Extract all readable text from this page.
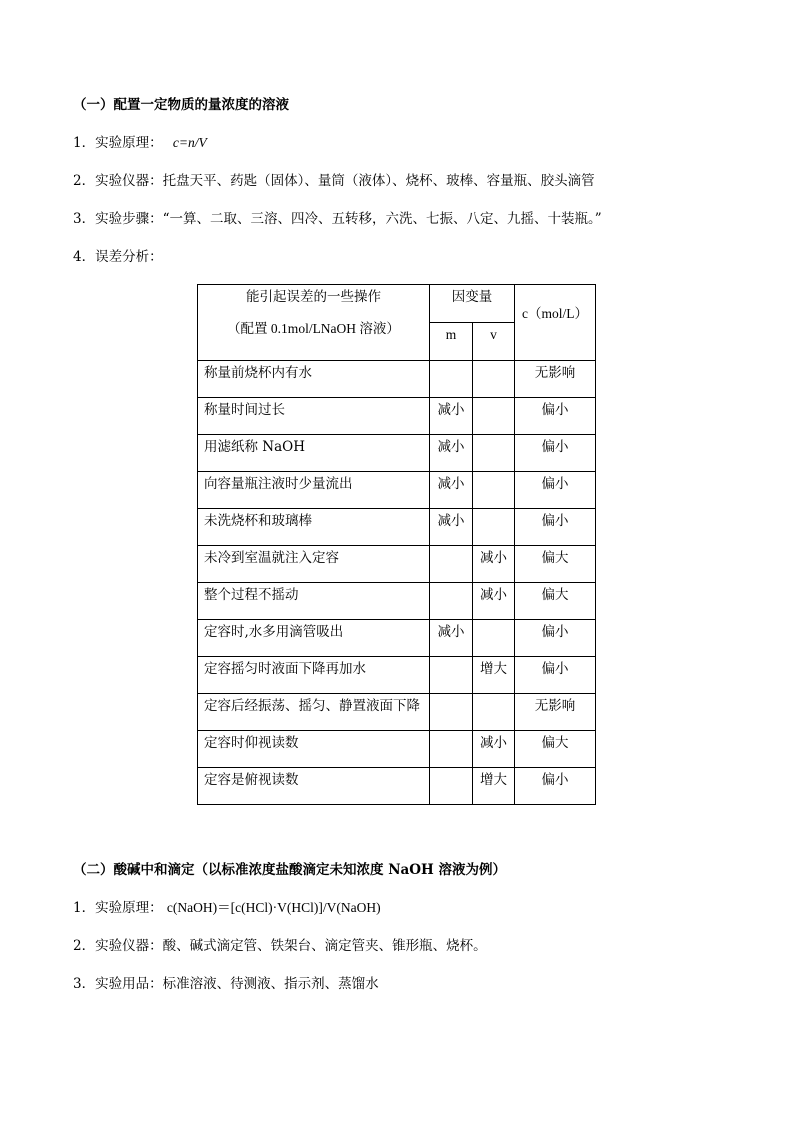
（一）配置一定物质的量浓度的溶液
1．实验原理： c=n/V
2．实验仪器：托盘天平、药匙（固体）、量筒（液体）、烧杯、玻棒、容量瓶、胶头滴管
3．实验步骤：“一算、二取、三溶、四冷、五转移，六洗、七振、八定、九摇、十装瓶。”
4．误差分析：
能引起误差的一些操作
（配置 0.1mol/LNaOH 溶液）	因变量		c（mol/L）
	m	v	
称量前烧杯内有水			无影响
称量时间过长	减小		偏小
用滤纸称 NaOH	减小		偏小
向容量瓶注液时少量流出	减小		偏小
未洗烧杯和玻璃棒	减小		偏小
未冷到室温就注入定容		减小	偏大
整个过程不摇动		减小	偏大
定容时,水多用滴管吸出	减小		偏小
定容摇匀时液面下降再加水		增大	偏小
定容后经振荡、摇匀、静置液面下降			无影响
定容时仰视读数		减小	偏大
定容是俯视读数		增大	偏小
（二）酸碱中和滴定（以标准浓度盐酸滴定未知浓度 NaOH 溶液为例）
1．实验原理： c(NaOH)＝[c(HCl)·V(HCl)]/V(NaOH)
2．实验仪器：酸、碱式滴定管、铁架台、滴定管夹、锥形瓶、烧杯。
3．实验用品：标准溶液、待测液、指示剂、蒸馏水
